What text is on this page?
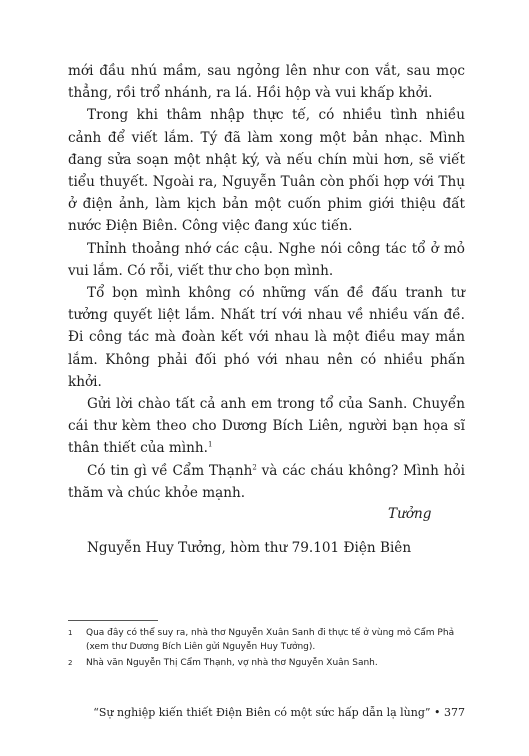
mới đầu nhú mầm, sau ngỏng lên như con vắt, sau mọc thẳng, rồi trổ nhánh, ra lá. Hồi hộp và vui khấp khởi.

Trong khi thâm nhập thực tế, có nhiều tình nhiều cảnh để viết lắm. Tý đã làm xong một bản nhạc. Mình đang sửa soạn một nhật ký, và nếu chín mùi hơn, sẽ viết tiểu thuyết. Ngoài ra, Nguyễn Tuân còn phối hợp với Thụ ở điện ảnh, làm kịch bản một cuốn phim giới thiệu đất nước Điện Biên. Công việc đang xúc tiến.

Thỉnh thoảng nhớ các cậu. Nghe nói công tác tổ ở mỏ vui lắm. Có rỗi, viết thư cho bọn mình.

Tổ bọn mình không có những vấn đề đấu tranh tư tưởng quyết liệt lắm. Nhất trí với nhau về nhiều vấn đề. Đi công tác mà đoàn kết với nhau là một điều may mắn lắm. Không phải đối phó với nhau nên có nhiều phấn khởi.

Gửi lời chào tất cả anh em trong tổ của Sanh. Chuyển cái thư kèm theo cho Dương Bích Liên, người bạn họa sĩ thân thiết của mình.$^1$

Có tin gì về Cẩm Thạnh$^2$ và các cháu không? Mình hỏi thăm và chúc khỏe mạnh.

Tưởng
Nguyễn Huy Tưởng, hòm thư 79.101 Điện Biên
1 Qua đây có thể suy ra, nhà thơ Nguyễn Xuân Sanh đi thực tế ở vùng mỏ Cẩm Phả (xem thư Dương Bích Liên gửi Nguyễn Huy Tưởng).
2 Nhà văn Nguyễn Thị Cẩm Thạnh, vợ nhà thơ Nguyễn Xuân Sanh.
“Sự nghiệp kiến thiết Điện Biên có một sức hấp dẫn lạ lùng” • 377
